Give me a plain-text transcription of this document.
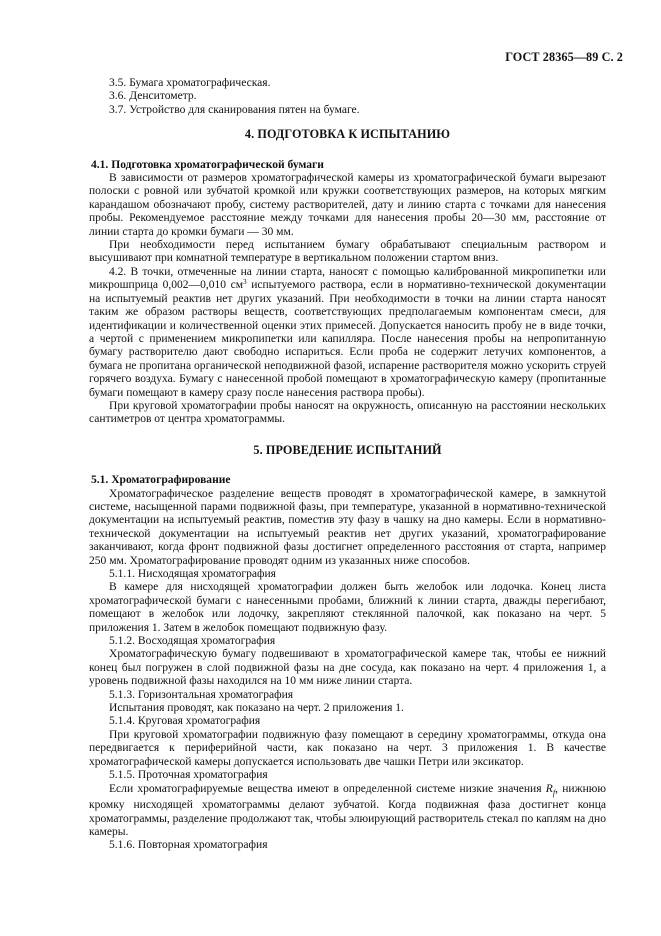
ГОСТ 28365—89 С. 2

3.5. Бумага хроматографическая.

3.6. Денситометр.

3.7. Устройство для сканирования пятен на бумаге.

4. ПОДГОТОВКА К ИСПЫТАНИЮ

4.1. Подготовка хроматографической бумаги

В зависимости от размеров хроматографической камеры из хроматографической бумаги вырезают полоски с ровной или зубчатой кромкой или кружки соответствующих размеров, на которых мягким карандашом обозначают пробу, систему растворителей, дату и линию старта с точками для нанесения пробы. Рекомендуемое расстояние между точками для нанесения пробы 20—30 мм, расстояние от линии старта до кромки бумаги — 30 мм.

При необходимости перед испытанием бумагу обрабатывают специальным раствором и высушивают при комнатной температуре в вертикальном положении стартом вниз.

4.2. В точки, отмеченные на линии старта, наносят с помощью калиброванной микропипетки или микрошприца 0,002—0,010 $см^3$ испытуемого раствора, если в нормативно-технической документации на испытуемый реактив нет других указаний. При необходимости в точки на линии старта наносят таким же образом растворы веществ, соответствующих предполагаемым компонентам смеси, для идентификации и количественной оценки этих примесей. Допускается наносить пробу не в виде точки, а чертой с применением микропипетки или капилляра. После нанесения пробы на непропитанную бумагу растворителю дают свободно испариться. Если проба не содержит летучих компонентов, а бумага не пропитана органической неподвижной фазой, испарение растворителя можно ускорить струей горячего воздуха. Бумагу с нанесенной пробой помещают в хроматографическую камеру (пропитанные бумаги помещают в камеру сразу после нанесения раствора пробы).

При круговой хроматографии пробы наносят на окружность, описанную на расстоянии нескольких сантиметров от центра хроматограммы.

5. ПРОВЕДЕНИЕ ИСПЫТАНИЙ

5.1. Хроматографирование

Хроматографическое разделение веществ проводят в хроматографической камере, в замкнутой системе, насыщенной парами подвижной фазы, при температуре, указанной в нормативно-технической документации на испытуемый реактив, поместив эту фазу в чашку на дно камеры. Если в нормативно-технической документации на испытуемый реактив нет других указаний, хроматографирование заканчивают, когда фронт подвижной фазы достигнет определенного расстояния от старта, например 250 мм. Хроматографирование проводят одним из указанных ниже способов.

5.1.1. Нисходящая хроматография

В камере для нисходящей хроматографии должен быть желобок или лодочка. Конец листа хроматографической бумаги с нанесенными пробами, ближний к линии старта, дважды перегибают, помещают в желобок или лодочку, закрепляют стеклянной палочкой, как показано на черт. 5 приложения 1. Затем в желобок помещают подвижную фазу.

5.1.2. Восходящая хроматография

Хроматографическую бумагу подвешивают в хроматографической камере так, чтобы ее нижний конец был погружен в слой подвижной фазы на дне сосуда, как показано на черт. 4 приложения 1, а уровень подвижной фазы находился на 10 мм ниже линии старта.

5.1.3. Горизонтальная хроматография

Испытания проводят, как показано на черт. 2 приложения 1.

5.1.4. Круговая хроматография

При круговой хроматографии подвижную фазу помещают в середину хроматограммы, откуда она передвигается к периферийной части, как показано на черт. 3 приложения 1. В качестве хроматографической камеры допускается использовать две чашки Петри или эксикатор.

5.1.5. Проточная хроматография

Если хроматографируемые вещества имеют в определенной системе низкие значения $R_f$, нижнюю кромку нисходящей хроматограммы делают зубчатой. Когда подвижная фаза достигнет конца хроматограммы, разделение продолжают так, чтобы элюирующий растворитель стекал по каплям на дно камеры.

5.1.6. Повторная хроматография
